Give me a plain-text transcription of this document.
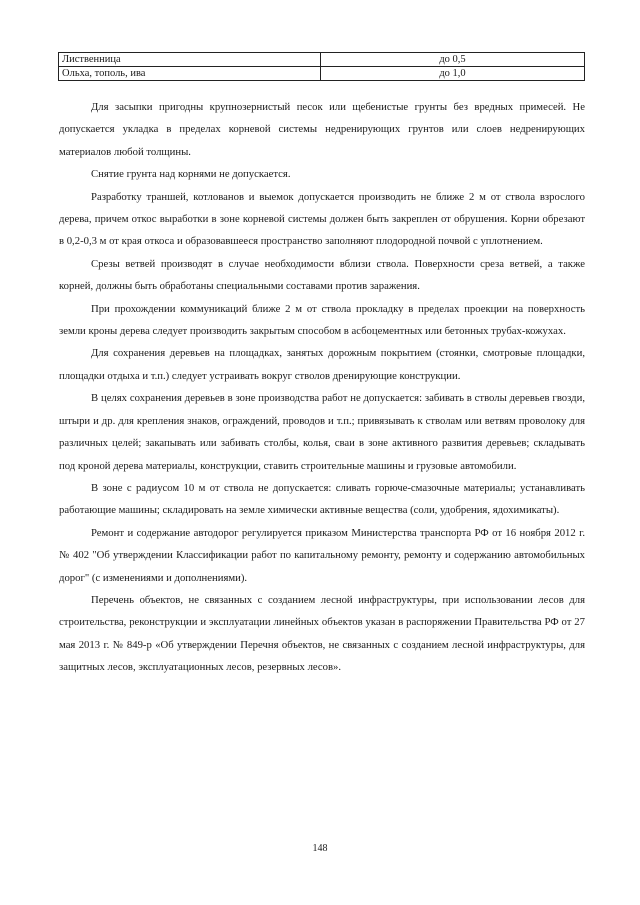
Лиственница	до 0,5
Ольха, тополь, ива	до 1,0

Для засыпки пригодны крупнозернистый песок или щебенистые грунты без вредных примесей. Не допускается укладка в пределах корневой системы недренирующих грунтов или слоев недренирующих материалов любой толщины.

Снятие грунта над корнями не допускается.

Разработку траншей, котлованов и выемок допускается производить не ближе 2 м от ствола взрослого дерева, причем откос выработки в зоне корневой системы должен быть закреплен от обрушения. Корни обрезают в 0,2-0,3 м от края откоса и образовавшееся пространство заполняют плодородной почвой с уплотнением.

Срезы ветвей производят в случае необходимости вблизи ствола. Поверхности среза ветвей, а также корней, должны быть обработаны специальными составами против заражения.

При прохождении коммуникаций ближе 2 м от ствола прокладку в пределах проекции на поверхность земли кроны дерева следует производить закрытым способом в асбоцементных или бетонных трубах-кожухах.

Для сохранения деревьев на площадках, занятых дорожным покрытием (стоянки, смотровые площадки, площадки отдыха и т.п.) следует устраивать вокруг стволов дренирующие конструкции.

В целях сохранения деревьев в зоне производства работ не допускается: забивать в стволы деревьев гвозди, штыри и др. для крепления знаков, ограждений, проводов и т.п.; привязывать к стволам или ветвям проволоку для различных целей; закапывать или забивать столбы, колья, сваи в зоне активного развития деревьев; складывать под кроной дерева материалы, конструкции, ставить строительные машины и грузовые автомобили.

В зоне с радиусом 10 м от ствола не допускается: сливать горюче-смазочные материалы; устанавливать работающие машины; складировать на земле химически активные вещества (соли, удобрения, ядохимикаты).

Ремонт и содержание автодорог регулируется приказом Министерства транспорта РФ от 16 ноября 2012 г. № 402 "Об утверждении Классификации работ по капитальному ремонту, ремонту и содержанию автомобильных дорог" (с изменениями и дополнениями).

Перечень объектов, не связанных с созданием лесной инфраструктуры, при использовании лесов для строительства, реконструкции и эксплуатации линейных объектов указан в распоряжении Правительства РФ от 27 мая 2013 г. № 849-р «Об утверждении Перечня объектов, не связанных с созданием лесной инфраструктуры, для защитных лесов, эксплуатационных лесов, резервных лесов».

148
